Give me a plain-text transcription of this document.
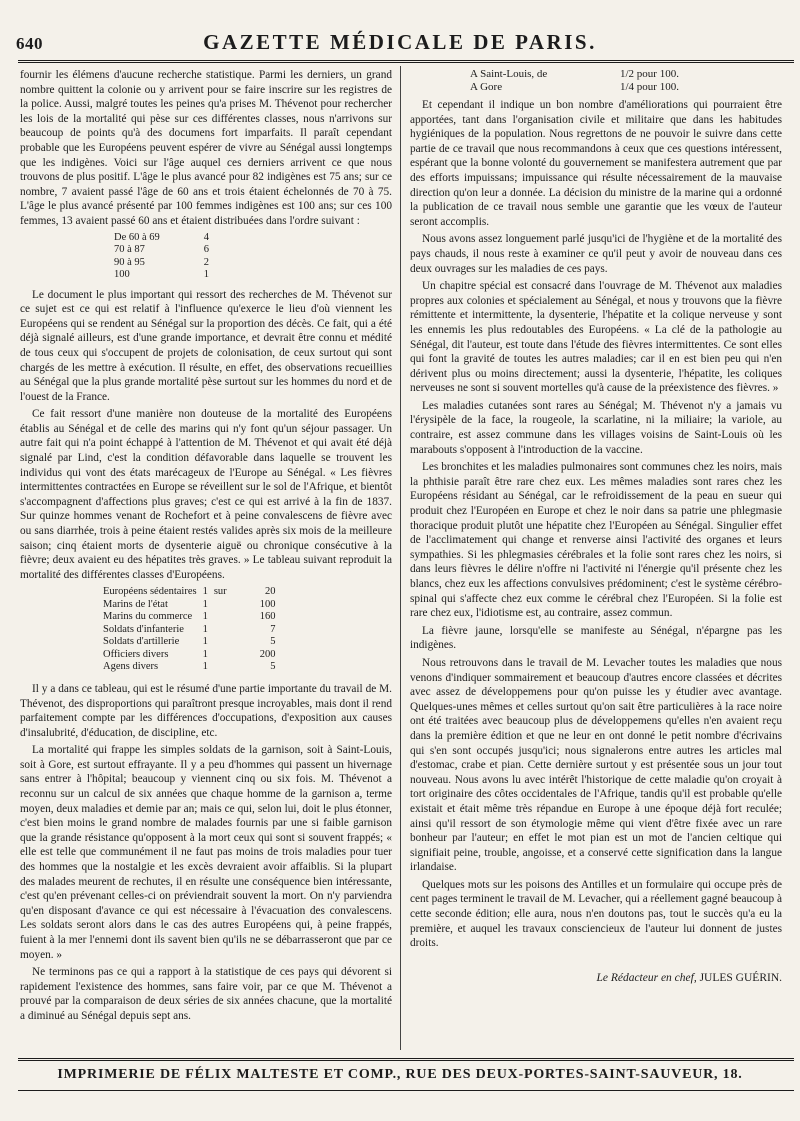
640	GAZETTE MÉDICALE DE PARIS.

fournir les élémens d'aucune recherche statistique. Parmi les derniers, un grand nombre quittent la colonie ou y arrivent pour se faire inscrire sur les registres de la police. Aussi, malgré toutes les peines qu'a prises M. Thévenot pour rechercher les lois de la mortalité qui pèse sur ces différentes classes, nous n'arrivons sur beaucoup de points qu'à des documens fort imparfaits. Il paraît cependant probable que les Européens peuvent espérer de vivre au Sénégal aussi longtemps que les indigènes. Voici sur l'âge auquel ces derniers arrivent ce que nous trouvons de plus positif. L'âge le plus avancé pour 82 indigènes est 75 ans; sur ce nombre, 7 avaient passé l'âge de 60 ans et trois étaient échelonnés de 70 à 75. L'âge le plus avancé présenté par 100 femmes indigènes est 100 ans; sur ces 100 femmes, 13 avaient passé 60 ans et étaient distribuées dans l'ordre suivant :

De 60 à 69	4
70 à 87	6
90 à 95	2
100	1

Le document le plus important qui ressort des recherches de M. Thévenot sur ce sujet est ce qui est relatif à l'influence qu'exerce le lieu d'où viennent les Européens qui se rendent au Sénégal sur la proportion des décès. Ce fait, qui a été déjà signalé ailleurs, est d'une grande importance, et devrait être connu et médité de tous ceux qui s'occupent de projets de colonisation, de ceux surtout qui sont chargés de les mettre à exécution. Il résulte, en effet, des observations recueillies au Sénégal que la plus grande mortalité pèse surtout sur les hommes du nord et de l'ouest de la France.

Ce fait ressort d'une manière non douteuse de la mortalité des Européens établis au Sénégal et de celle des marins qui n'y font qu'un séjour passager. Un autre fait qui n'a point échappé à l'attention de M. Thévenot et qui avait été déjà signalé par Lind, c'est la condition défavorable dans laquelle se trouvent les individus qui vont des états marécageux de l'Europe au Sénégal. « Les fièvres intermittentes contractées en Europe se réveillent sur le sol de l'Afrique, et bientôt s'accompagnent d'affections plus graves; c'est ce qui est arrivé à la fin de 1837. Sur quinze hommes venant de Rochefort et à peine convalescens de fièvre avec ou sans diarrhée, trois à peine étaient restés valides après six mois de la meilleure saison; cinq étaient morts de dysenterie aiguë ou chronique consécutive à la fièvre; deux avaient eu des hépatites très graves. » Le tableau suivant reproduit la mortalité des différentes classes d'Européens.

Européens sédentaires	1	sur	20
Marins de l'état	1		100
Marins du commerce	1		160
Soldats d'infanterie	1		7
Soldats d'artillerie	1		5
Officiers divers	1		200
Agens divers	1		5

Il y a dans ce tableau, qui est le résumé d'une partie importante du travail de M. Thévenot, des disproportions qui paraîtront presque incroyables, mais dont il rend parfaitement compte par les différences d'occupations, d'exposition aux causes d'insalubrité, d'éducation, de discipline, etc.

La mortalité qui frappe les simples soldats de la garnison, soit à Saint-Louis, soit à Gore, est surtout effrayante. Il y a peu d'hommes qui passent un hivernage sans entrer à l'hôpital; beaucoup y viennent cinq ou six fois. M. Thévenot a reconnu sur un calcul de six années que chaque homme de la garnison a, terme moyen, deux maladies et demie par an; mais ce qui, selon lui, doit le plus étonner, c'est bien moins le grand nombre de malades fournis par une si faible garnison que la grande résistance qu'opposent à la mort ceux qui sont si souvent frappés; « elle est telle que communément il ne faut pas moins de trois maladies pour tuer des hommes que la nostalgie et les excès devraient avoir affaiblis. Si la plupart des malades meurent de rechutes, il en résulte une conséquence bien intéressante, c'est qu'en prévenant celles-ci on préviendrait souvent la mort. On n'y parviendra qu'en disposant d'avance ce qui est nécessaire à l'évacuation des convalescens. Les soldats seront alors dans le cas des autres Européens qui, à peine frappés, fuient à la mer l'ennemi dont ils savent bien qu'ils ne se débarrasseront que par ce moyen. »

Ne terminons pas ce qui a rapport à la statistique de ces pays qui dévorent si rapidement l'existence des hommes, sans faire voir, par ce que M. Thévenot a prouvé par la comparaison de deux séries de six années chacune, que la mortalité a diminué au Sénégal depuis sept ans.

A Saint-Louis, de	1/2 pour 100.
A Gore	1/4 pour 100.

Et cependant il indique un bon nombre d'améliorations qui pourraient être apportées, tant dans l'organisation civile et militaire que dans les habitudes hygiéniques de la population. Nous regrettons de ne pouvoir le suivre dans cette partie de ce travail que nous recommandons à ceux que ces questions intéressent, espérant que la bonne volonté du gouvernement se manifestera autrement que par des efforts impuissans; impuissance qui résulte nécessairement de la mauvaise direction qu'on leur a donnée. La décision du ministre de la marine qui a ordonné la publication de ce travail nous semble une garantie que les vœux de l'auteur seront accomplis.

Nous avons assez longuement parlé jusqu'ici de l'hygiène et de la mortalité des pays chauds, il nous reste à examiner ce qu'il peut y avoir de nouveau dans ces deux ouvrages sur les maladies de ces pays.

Un chapitre spécial est consacré dans l'ouvrage de M. Thévenot aux maladies propres aux colonies et spécialement au Sénégal, et nous y trouvons que la fièvre rémittente et intermittente, la dysenterie, l'hépatite et la colique nerveuse y sont les ennemis les plus redoutables des Européens. « La clé de la pathologie au Sénégal, dit l'auteur, est toute dans l'étude des fièvres intermittentes. Ce sont elles qui font la gravité de toutes les autres maladies; car il en est bien peu qui n'en dérivent plus ou moins directement; aussi la dysenterie, l'hépatite, les coliques nerveuses ne sont si souvent mortelles qu'à cause de la préexistence des fièvres. »

Les maladies cutanées sont rares au Sénégal; M. Thévenot n'y a jamais vu l'érysipèle de la face, la rougeole, la scarlatine, ni la miliaire; la variole, au contraire, est assez commune dans les villages voisins de Saint-Louis où les marabouts s'opposent à l'introduction de la vaccine.

Les bronchites et les maladies pulmonaires sont communes chez les noirs, mais la phthisie paraît être rare chez eux. Les mêmes maladies sont rares chez les Européens résidant au Sénégal, car le refroidissement de la peau en sueur qui produit chez l'Européen en Europe et chez le noir dans sa patrie une phlegmasie thoracique produit plutôt une hépatite chez l'Européen au Sénégal. Singulier effet de l'acclimatement qui change et renverse ainsi l'activité des organes et leurs sympathies. Si les phlegmasies cérébrales et la folie sont rares chez les noirs, si dans leurs fièvres le délire n'offre ni l'activité ni l'énergie qu'il présente chez les blancs, chez eux les affections convulsives prédominent; c'est le système cérébro-spinal qui s'affecte chez eux comme le cérébral chez l'Européen. Si la folie est rare chez eux, l'idiotisme est, au contraire, assez commun.

La fièvre jaune, lorsqu'elle se manifeste au Sénégal, n'épargne pas les indigènes.

Nous retrouvons dans le travail de M. Levacher toutes les maladies que nous venons d'indiquer sommairement et beaucoup d'autres encore classées et décrites avec assez de développemens pour qu'on puisse les y étudier avec avantage. Quelques-unes mêmes et celles surtout qu'on sait être particulières à la race noire ont été traitées avec beaucoup plus de développemens qu'elles n'en avaient reçu dans la première édition et que ne leur en ont donné le petit nombre d'écrivains qui s'en sont occupés jusqu'ici; nous signalerons entre autres les articles mal d'estomac, crabe et pian. Cette dernière surtout y est présentée sous un jour tout nouveau. Nous avons lu avec intérêt l'historique de cette maladie qu'on croyait à tort originaire des côtes occidentales de l'Afrique, tandis qu'il est probable qu'elle existait et était même très répandue en Europe à une époque déjà fort reculée; ainsi qu'il ressort de son étymologie même qui vient d'être fixée avec un rare bonheur par l'auteur; en effet le mot pian est un mot de l'ancien celtique qui signifiait peine, trouble, angoisse, et a conservé cette signification dans la langue irlandaise.

Quelques mots sur les poisons des Antilles et un formulaire qui occupe près de cent pages terminent le travail de M. Levacher, qui a réellement gagné beaucoup à cette seconde édition; elle aura, nous n'en doutons pas, tout le succès qu'a eu la première, et auquel les travaux consciencieux de l'auteur lui donnent de justes droits.

Le Rédacteur en chef, JULES GUÉRIN.
IMPRIMERIE DE FÉLIX MALTESTE ET COMP., RUE DES DEUX-PORTES-SAINT-SAUVEUR, 18.
